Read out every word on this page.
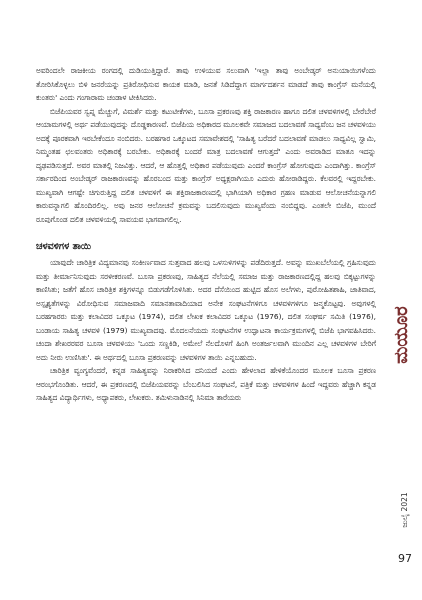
ಅವರಿಂದಲೇ ರಾಜಕೀಯ ರಂಗದಲ್ಲಿ ದುಡಿಯುತ್ತಿದ್ದಾರೆ. ತಾವು ಉಳಿಯುವ ಸಲುವಾಗಿ 'ಇಲ್ಲಾ ತಾವು ಅಂಬೇಡ್ಕರ್ ಅನುಯಾಯಿಗಳೆಂದು ತೋರಿಸಿಕೊಳ್ಳಲು ಬಿಳಿ ಜನರೆಯನ್ನು ಪ್ರತಿರೋಧಿಸುವ ಕಾಯಕ ಮಾಡಿ, ಜನತೆ ಸಿಡಿದೆದ್ದಾಗ ಮಾರ್ಗದರ್ಶನ ಮಾಡದೆ ತಾವು ಕಾಂಗ್ರೆಸ್ ಮನೆಯಲ್ಲಿ ಕುಂತರು' ಎಂದು ಗಂಗಾರಾಮ ಚಂಡಾಳ ಟೀಕಿಸಿದರು.

ಬಿಜೆಪಿಯವರ ಸ್ವಪ್ನ ಮೆಚ್ಚುಗೆ, ವಿಮರ್ಶೆ ಮತ್ತು ಕಟುಟೀಕೆಗಳು, ಬೂಸಾ ಪ್ರಕರಣವು ಶಕ್ತಿ ರಾಜಕಾರಣ ಹಾಗೂ ದಲಿತ ಚಳವಳಿಗಳಲ್ಲಿ ಬೇರೆಬೇರೆ ಆಯಾಮಗಳಲ್ಲಿ ಅರ್ಥ ಪಡೆಯುವುದನ್ನು ದೊಡ್ಡಕಾರಣವೆ. ಬಿಜೆಪಿಯ ಅಧಿಕಾರದ ಮೂಲಕವೇ ಸಮಾಜದ ಬದಲಾವಣೆ ಸಾಧ್ಯವೆಂಬ ಜನ ಚಳವಳಿಯು ಅದಕ್ಕೆ ಪೂರಕವಾಗಿ ಇರಬೇಕೆಂದೂ ನಂಬಿದರು. ಬರಹಗಾರ ಒಕ್ಕೂಟದ ಸಮಾವೇಶದಲ್ಲಿ 'ಸಾಹಿತ್ಯ ಬರೆದರೆ ಬದಲಾವಣೆ ಮಾಡಲು ಸಾಧ್ಯವಿಲ್ಲ ಸ್ವಾಮಿ, ನಿಮ್ಮಂತಹ ಛಲವಂತರು ಅಧಿಕಾರಕ್ಕೆ ಬರಬೇಕು. ಅಧಿಕಾರಕ್ಕೆ ಬಂದರೆ ಮಾತ್ರ ಬದಲಾವಣೆ ಆಗುತ್ತದೆ' ಎಂದು ಅವರಾಡಿದ ಮಾತೂ ಇದನ್ನು ದೃಢಪಡಿಸುತ್ತದೆ. ಅವರ ಮಾತಲ್ಲಿ ನಿಜವಿತ್ತು. ಆದರೆ, ಆ ಹೊತ್ತಲ್ಲಿ ಅಧಿಕಾರ ಪಡೆಯುವುದು ಎಂದರೆ ಕಾಂಗ್ರೆಸ್ ಹೋಗುವುದು ಎಂದಾಗಿತ್ತು. ಕಾಂಗ್ರೆಸ್ ಸರ್ಕಾರದಿಂದ ಅಂಬೇಡ್ಕರ್ ರಾಜಕಾರಣವನ್ನು ಹೊರಬಂದ ಮತ್ತು ಕಾಂಗ್ರೆಸ್ ಅಧ್ಯಕ್ಷರಾಗಿಯೂ ಎದುರು ಹೋರಾಡಿದ್ದರು. ಕೆಲವರಲ್ಲಿ ಇದ್ದರಬೇಕು. ಮುಖ್ಯವಾಗಿ ಆಗಷ್ಟೇ ಚಿಗುರುತ್ತಿದ್ದ ದಲಿತ ಚಳವಳಿಗೆ ಈ ಶಕ್ತಿರಾಜಕಾರಣದಲ್ಲಿ ಭಾಗಿಯಾಗಿ ಅಧಿಕಾರ ಗ್ರಹಣ ಮಾಡುವ ಆಲೋಚನೆಯನ್ನಾಗಲಿ ಕಾರುವನ್ನಾಗಲಿ ಹೊಂದಿರಲಿಲ್ಲ. ಅವು ಜನರ ಆಲೋಚನೆ ಕ್ರಮವನ್ನು ಬದಲಿಸುವುದು ಮುಖ್ಯವೆಂದು ನಂಬಿದ್ದವು. ಎಂತಲೇ ಬಿಜೆಪಿ, ಮುಂದೆ ರೂಪುಗೊಂಡ ದಲಿತ ಚಳವಳಿಯಲ್ಲಿ ಸಾವಯವ ಭಾಗವಾಗಲಿಲ್ಲ.

ಚಳವಳಿಗಳ ತಾಯಿ

ಯಾವುದೇ ಚಾರಿತ್ರಿಕ ವಿದ್ಯಮಾನವು ಸಂಕೀರ್ಣವಾದ ಸುತ್ತವಾದ ಹಲವು ಒಳಸುಳಿಗಳನ್ನು ಪಡೆದಿರುತ್ತದೆ. ಅವನ್ನು ಮುಖಬೆಲೆಯಲ್ಲಿ ಗ್ರಹಿಸುವುದು ಮತ್ತು ತೀರ್ಮಾನಿಸುವುದು ಸರಳೀಕರಣವೆ. ಬೂಸಾ ಪ್ರಕರಣವು, ಸಾಹಿತ್ಯದ ನೆಲೆಯಲ್ಲಿ ಸಮಾಜ ಮತ್ತು ರಾಜಕಾರಣದಲ್ಲಿದ್ದ ಹಲವು ಬಿಕ್ಕಟ್ಟುಗಳನ್ನು ಕಾಣಿಸಿತು; ಜತೆಗೆ ಹೊಸ ಚಾರಿತ್ರಿಕ ಶಕ್ತಿಗಳನ್ನೂ ಬಿಡುಗಡೆಗೊಳಿಸಿತು. ಅದರ ದೆಸೆಯಿಂದ ಹುಟ್ಟಿದ ಹೊಸ ಅಲೆಗಳು, ಪುರೋಹಿತಶಾಹಿ, ಜಾತಿವಾದ, ಅಸ್ಪೃಶ್ಯತೆಗಳನ್ನು ವಿರೋಧಿಸುವ ಸಮಾಜವಾದಿ ಸಮಾನತಾವಾದಿಯಾದ ಅನೇಕ ಸಂಘಟನೆಗಳಿಗೂ ಚಳವಳಿಗಳಿಗೂ ಜನ್ಮಕೊಟ್ಟವು. ಅವುಗಳಲ್ಲಿ ಬರಹಗಾರರು ಮತ್ತು ಕಲಾವಿದರ ಒಕ್ಕೂಟ (1974), ದಲಿತ ಲೇಖಕ ಕಲಾವಿದರ ಒಕ್ಕೂಟ (1976), ದಲಿತ ಸಂಘರ್ಷ ಸಮಿತಿ (1976), ಬಂಡಾಯ ಸಾಹಿತ್ಯ ಚಳವಳಿ (1979) ಮುಖ್ಯವಾದವು. ಮೊದಲನೆಯದು ಸಂಘಟನೆಗಳ ಉದ್ಘಾಟನಾ ಕಾರ್ಯಕ್ರಮಗಳಲ್ಲಿ ಬಿಜೆಪಿ ಭಾಗವಹಿಸಿದರು. ಚಂದಾ ಶೇಖರರವರ ಬೂಸಾ ಚಳವಳಿಯು 'ಒಂದು ಸಣ್ಣಕಿಡಿ, ಅಮೇಲೆ ನೆಲದೊಳಗೆ ಹಿಂಗಿ ಅಂತರ್ಜಲವಾಗಿ ಮುಂದಿನ ಎಲ್ಲ ಚಳವಳಿಗಳ ಬೇರಿಗೆ ಅದು ನೀರು ಉಣಿಸಿತು'. ಈ ಅರ್ಥದಲ್ಲಿ ಬೂಸಾ ಪ್ರಕರಣವನ್ನು ಚಳವಳಿಗಳ ತಾಯಿ ಎನ್ನಬಹುದು.

ಚಾರಿತ್ರಿಕ ವ್ಯಂಗ್ಯವೆಂದರೆ, ಕನ್ನಡ ಸಾಹಿತ್ಯವನ್ನು ನಿರಾಕರಿಸಿದ ದನಿಯದೆ ಎಂದು ಹೇಳಲಾದ ಹೇಳಿಕೆಯೊಂದರ ಮೂಲಕ ಬೂಸಾ ಪ್ರಕರಣ ಆರಂಭಗೊಂಡಿತು. ಆದರೆ, ಈ ಪ್ರಕರಣದಲ್ಲಿ ಬಿಜೆಪಿಯವರನ್ನು ಬೆಂಬಲಿಸಿದ ಸಂಘಟನೆ, ಪತ್ರಿಕೆ ಮತ್ತು ಚಳವಳಿಗಳ ಹಿಂದೆ ಇದ್ದವರು ಹೆಚ್ಚಾಗಿ ಕನ್ನಡ ಸಾಹಿತ್ಯದ ವಿದ್ಯಾರ್ಥಿಗಳು, ಅಧ್ಯಾಪಕರು, ಲೇಖಕರು. ತಮಿಳುನಾಡಿನಲ್ಲಿ ಸಿನಿಮಾ ತಾರೆಯರು

ಮಯೂರ
ಜುಲೈ 2021
97
